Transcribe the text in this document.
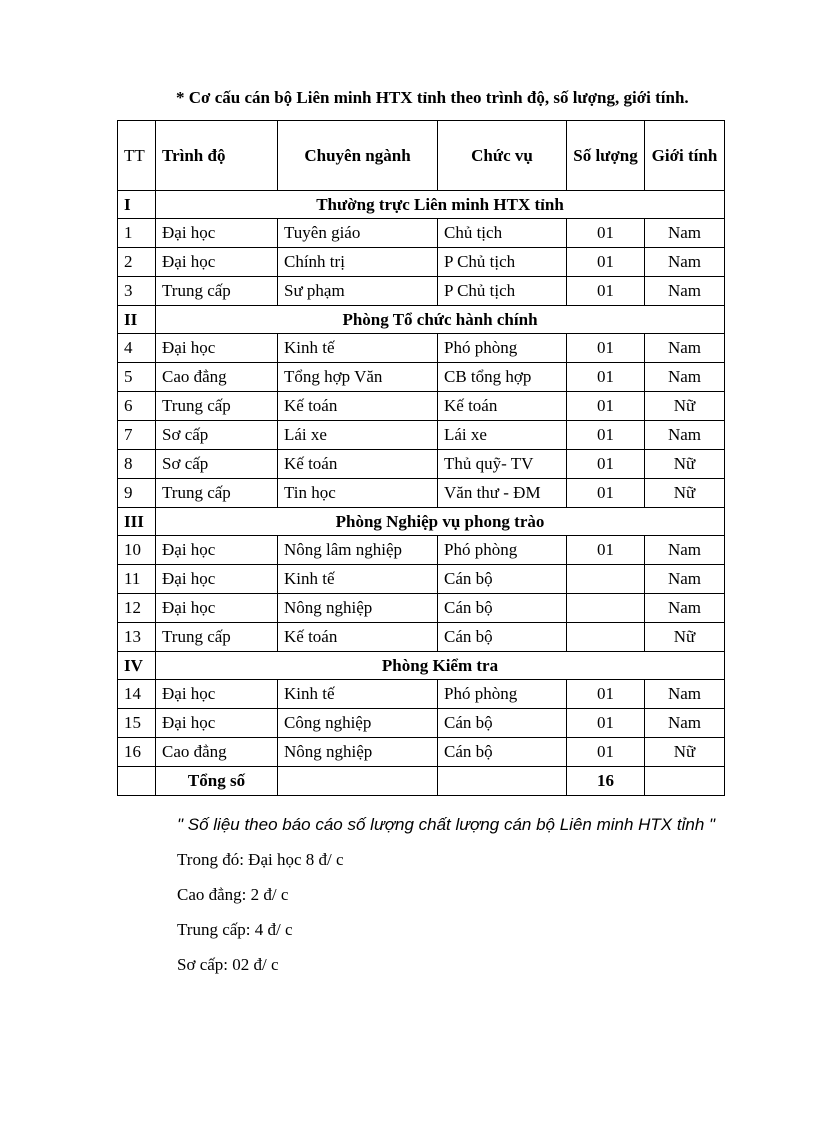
* Cơ cấu cán bộ Liên minh HTX tỉnh theo trình độ, số lượng, giới tính.
TT	Trình độ	Chuyên ngành	Chức vụ	Số lượng	Giới tính
I	Thường trực Liên minh HTX tỉnh				
1	Đại học	Tuyên giáo	Chủ tịch	01	Nam
2	Đại học	Chính trị	P Chủ tịch	01	Nam
3	Trung cấp	Sư phạm	P Chủ tịch	01	Nam
II	Phòng Tổ chức hành chính				
4	Đại học	Kinh tế	Phó phòng	01	Nam
5	Cao đẳng	Tổng hợp Văn	CB tổng hợp	01	Nam
6	Trung cấp	Kế toán	Kế toán	01	Nữ
7	Sơ cấp	Lái xe	Lái xe	01	Nam
8	Sơ cấp	Kế toán	Thủ quỹ- TV	01	Nữ
9	Trung cấp	Tin học	Văn thư - ĐM	01	Nữ
III	Phòng Nghiệp vụ phong trào				
10	Đại học	Nông lâm nghiệp	Phó phòng	01	Nam
11	Đại học	Kinh tế	Cán bộ		Nam
12	Đại học	Nông nghiệp	Cán bộ		Nam
13	Trung cấp	Kế toán	Cán bộ		Nữ
IV	Phòng Kiểm tra				
14	Đại học	Kinh tế	Phó phòng	01	Nam
15	Đại học	Công nghiệp	Cán bộ	01	Nam
16	Cao đẳng	Nông nghiệp	Cán bộ	01	Nữ
	Tổng số			16	
" Số liệu theo báo cáo số lượng chất lượng cán bộ Liên minh HTX tỉnh "
Trong đó: Đại học 8 đ/ c
Cao đẳng: 2 đ/ c
Trung cấp: 4 đ/ c
Sơ cấp: 02 đ/ c
